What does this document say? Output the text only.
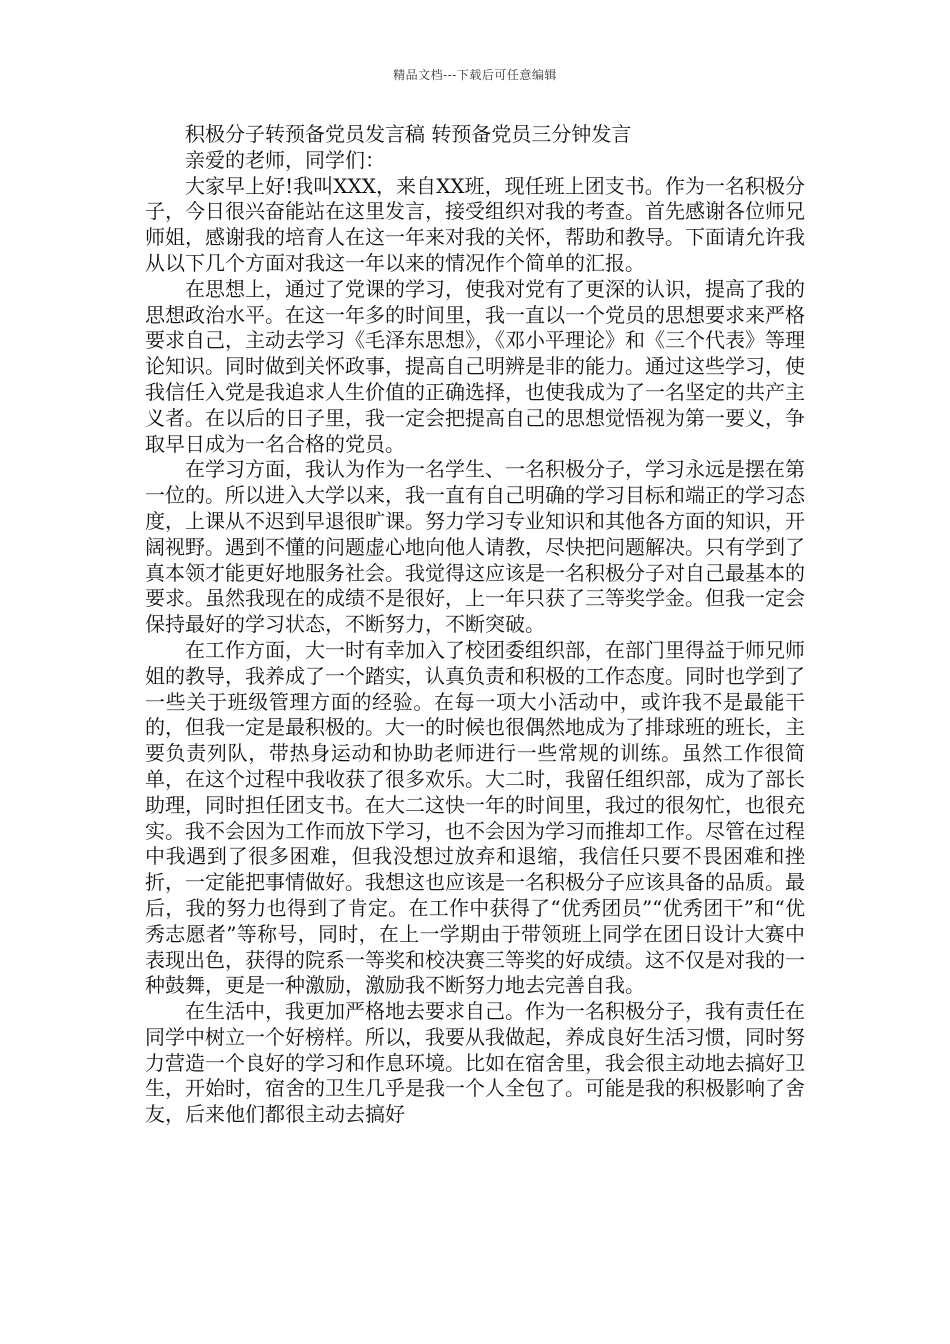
精品文档---下载后可任意编辑

积极分子转预备党员发言稿 转预备党员三分钟发言

亲爱的老师，同学们：

大家早上好!我叫XXX，来自XX班，现任班上团支书。作为一名积极分子，今日很兴奋能站在这里发言，接受组织对我的考查。首先感谢各位师兄师姐，感谢我的培育人在这一年来对我的关怀，帮助和教导。下面请允许我从以下几个方面对我这一年以来的情况作个简单的汇报。

在思想上，通过了党课的学习，使我对党有了更深的认识，提高了我的思想政治水平。在这一年多的时间里，我一直以一个党员的思想要求来严格要求自己，主动去学习《毛泽东思想》，《邓小平理论》和《三个代表》等理论知识。同时做到关怀政事，提高自己明辨是非的能力。通过这些学习，使我信任入党是我追求人生价值的正确选择，也使我成为了一名坚定的共产主义者。在以后的日子里，我一定会把提高自己的思想觉悟视为第一要义，争取早日成为一名合格的党员。

在学习方面，我认为作为一名学生、一名积极分子，学习永远是摆在第一位的。所以进入大学以来，我一直有自己明确的学习目标和端正的学习态度，上课从不迟到早退很旷课。努力学习专业知识和其他各方面的知识，开阔视野。遇到不懂的问题虚心地向他人请教，尽快把问题解决。只有学到了真本领才能更好地服务社会。我觉得这应该是一名积极分子对自己最基本的要求。虽然我现在的成绩不是很好，上一年只获了三等奖学金。但我一定会保持最好的学习状态，不断努力，不断突破。

在工作方面，大一时有幸加入了校团委组织部，在部门里得益于师兄师姐的教导，我养成了一个踏实，认真负责和积极的工作态度。同时也学到了一些关于班级管理方面的经验。在每一项大小活动中，或许我不是最能干的，但我一定是最积极的。大一的时候也很偶然地成为了排球班的班长，主要负责列队，带热身运动和协助老师进行一些常规的训练。虽然工作很简单，在这个过程中我收获了很多欢乐。大二时，我留任组织部，成为了部长助理，同时担任团支书。在大二这快一年的时间里，我过的很匆忙，也很充实。我不会因为工作而放下学习，也不会因为学习而推却工作。尽管在过程中我遇到了很多困难，但我没想过放弃和退缩，我信任只要不畏困难和挫折，一定能把事情做好。我想这也应该是一名积极分子应该具备的品质。最后，我的努力也得到了肯定。在工作中获得了“优秀团员”“优秀团干”和“优秀志愿者”等称号，同时，在上一学期由于带领班上同学在团日设计大赛中表现出色，获得的院系一等奖和校决赛三等奖的好成绩。这不仅是对我的一种鼓舞，更是一种激励，激励我不断努力地去完善自我。

在生活中，我更加严格地去要求自己。作为一名积极分子，我有责任在同学中树立一个好榜样。所以，我要从我做起，养成良好生活习惯，同时努力营造一个良好的学习和作息环境。比如在宿舍里，我会很主动地去搞好卫生，开始时，宿舍的卫生几乎是我一个人全包了。可能是我的积极影响了舍友，后来他们都很主动去搞好
